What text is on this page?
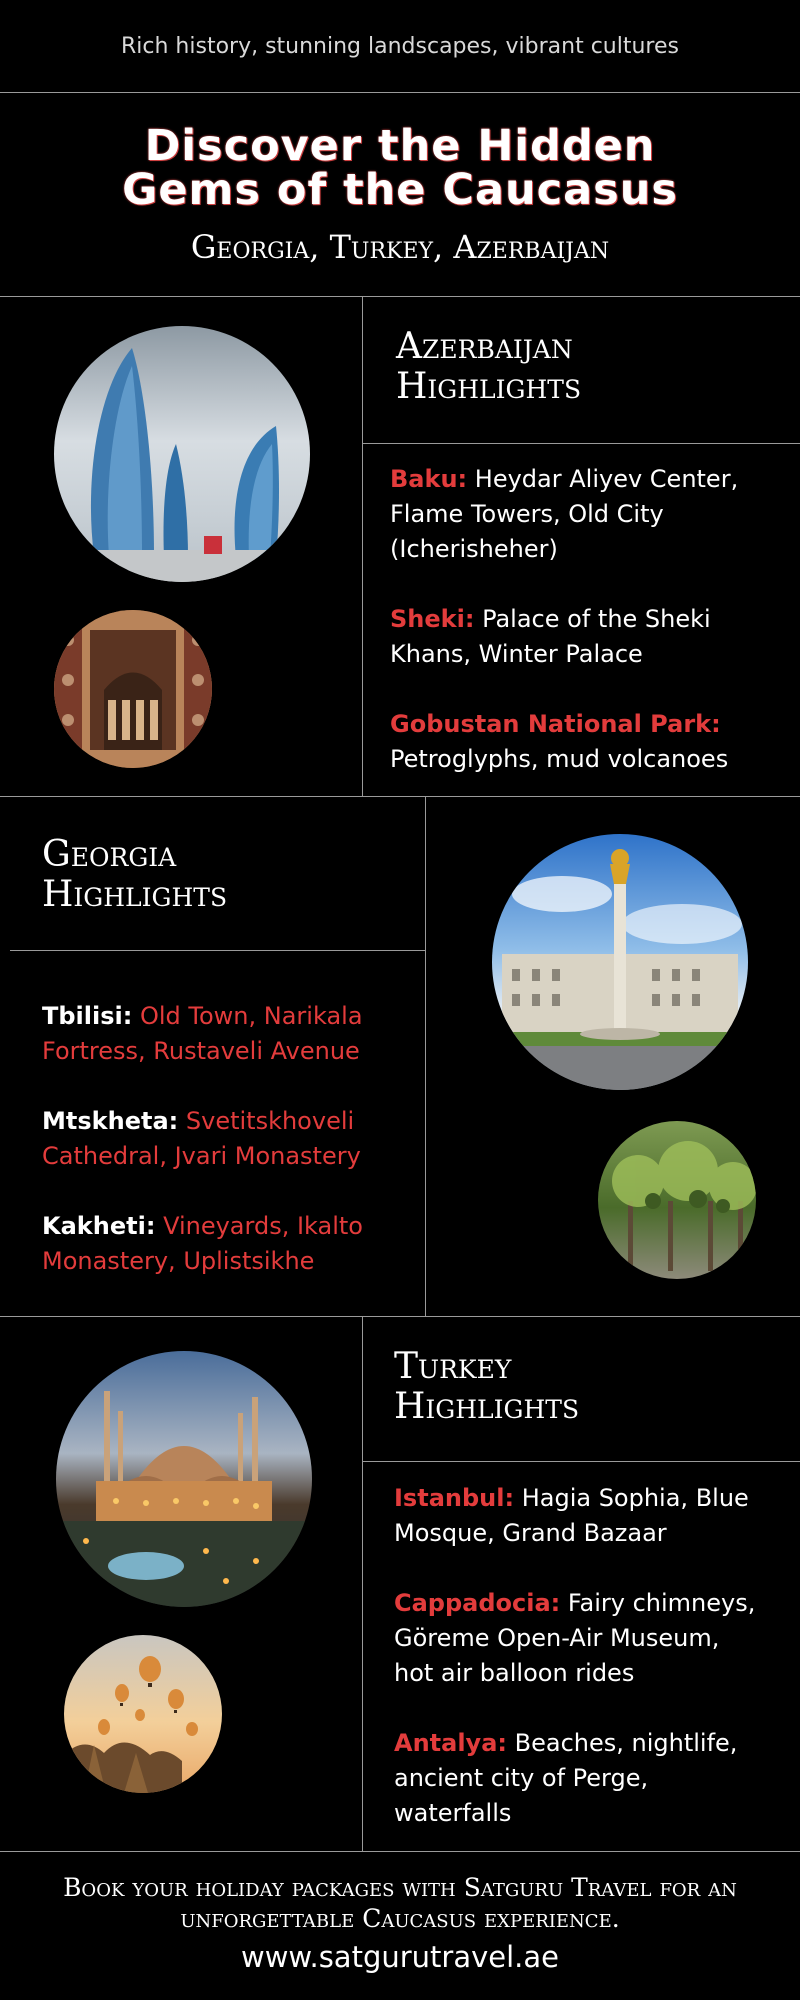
Rich history, stunning landscapes, vibrant cultures
Discover the Hidden
Gems of the Caucasus
Georgia, Turkey, Azerbaijan
Azerbaijan
Highlights
Baku: Heydar Aliyev Center, Flame Towers, Old City (Icherisheher)
Sheki: Palace of the Sheki Khans, Winter Palace
Gobustan National Park: Petroglyphs, mud volcanoes
Georgia
Highlights
Tbilisi: Old Town, Narikala Fortress, Rustaveli Avenue
Mtskheta: Svetitskhoveli Cathedral, Jvari Monastery
Kakheti: Vineyards, Ikalto Monastery, Uplistsikhe
Turkey
Highlights
Istanbul: Hagia Sophia, Blue Mosque, Grand Bazaar
Cappadocia: Fairy chimneys, Göreme Open-Air Museum, hot air balloon rides
Antalya: Beaches, nightlife, ancient city of Perge, waterfalls
Book your holiday packages with Satguru Travel for an unforgettable Caucasus experience.
www.satgurutravel.ae
